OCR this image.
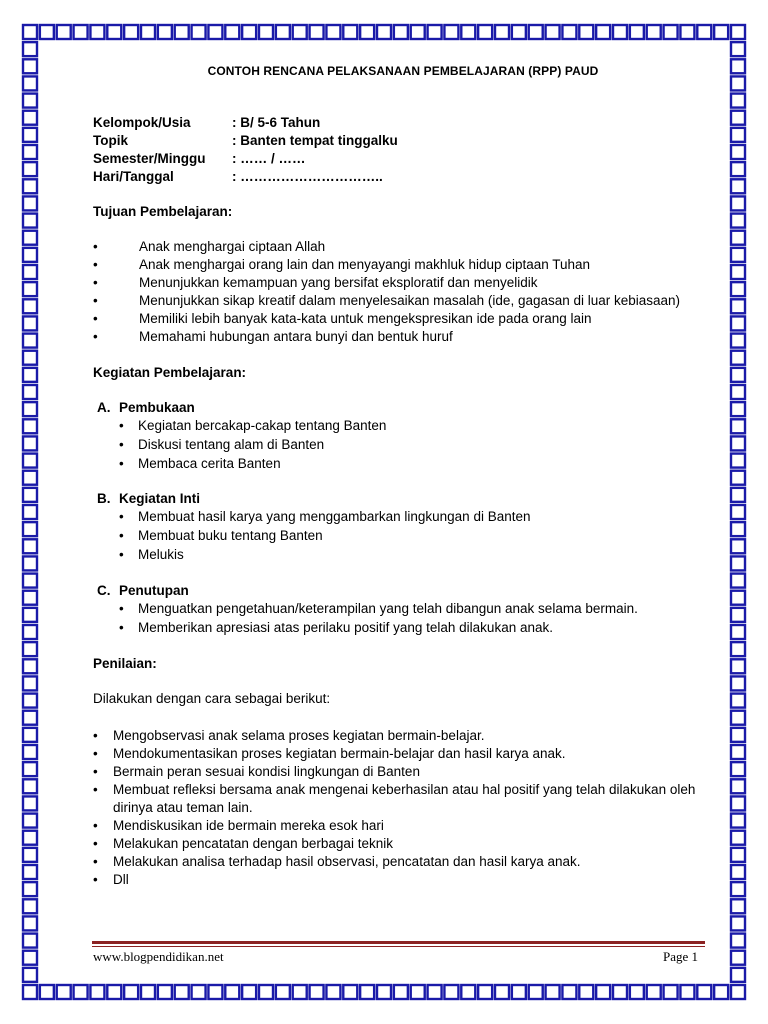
CONTOH RENCANA PELAKSANAAN PEMBELAJARAN (RPP) PAUD
Kelompok/Usia	: B/ 5-6 Tahun
Topik	: Banten tempat tinggalku
Semester/Minggu	: …… / ……
Hari/Tanggal	: …………………………..
Tujuan Pembelajaran:
•	Anak menghargai ciptaan Allah
•	Anak menghargai orang lain dan menyayangi makhluk hidup ciptaan Tuhan
•	Menunjukkan kemampuan yang bersifat eksploratif dan menyelidik
•	Menunjukkan sikap kreatif dalam menyelesaikan masalah (ide, gagasan di luar kebiasaan)
•	Memiliki lebih banyak kata-kata untuk mengekspresikan ide pada orang lain
•	Memahami hubungan antara bunyi dan bentuk huruf
Kegiatan Pembelajaran:
A. Pembukaan
•	Kegiatan bercakap-cakap tentang Banten
•	Diskusi tentang alam di Banten
•	Membaca cerita Banten
B. Kegiatan Inti
•	Membuat hasil karya yang menggambarkan lingkungan di Banten
•	Membuat buku tentang Banten
•	Melukis
C. Penutupan
•	Menguatkan pengetahuan/keterampilan yang telah dibangun anak selama bermain.
•	Memberikan apresiasi atas perilaku positif yang telah dilakukan anak.
Penilaian:
Dilakukan dengan cara sebagai berikut:
•	Mengobservasi anak selama proses kegiatan bermain-belajar.
•	Mendokumentasikan proses kegiatan bermain-belajar dan hasil karya anak.
•	Bermain peran sesuai kondisi lingkungan di Banten
•	Membuat refleksi bersama anak mengenai keberhasilan atau hal positif yang telah dilakukan oleh dirinya atau teman lain.
•	Mendiskusikan ide bermain mereka esok hari
•	Melakukan pencatatan dengan berbagai teknik
•	Melakukan analisa terhadap hasil observasi, pencatatan dan hasil karya anak.
•	Dll
www.blogpendidikan.net	Page 1
